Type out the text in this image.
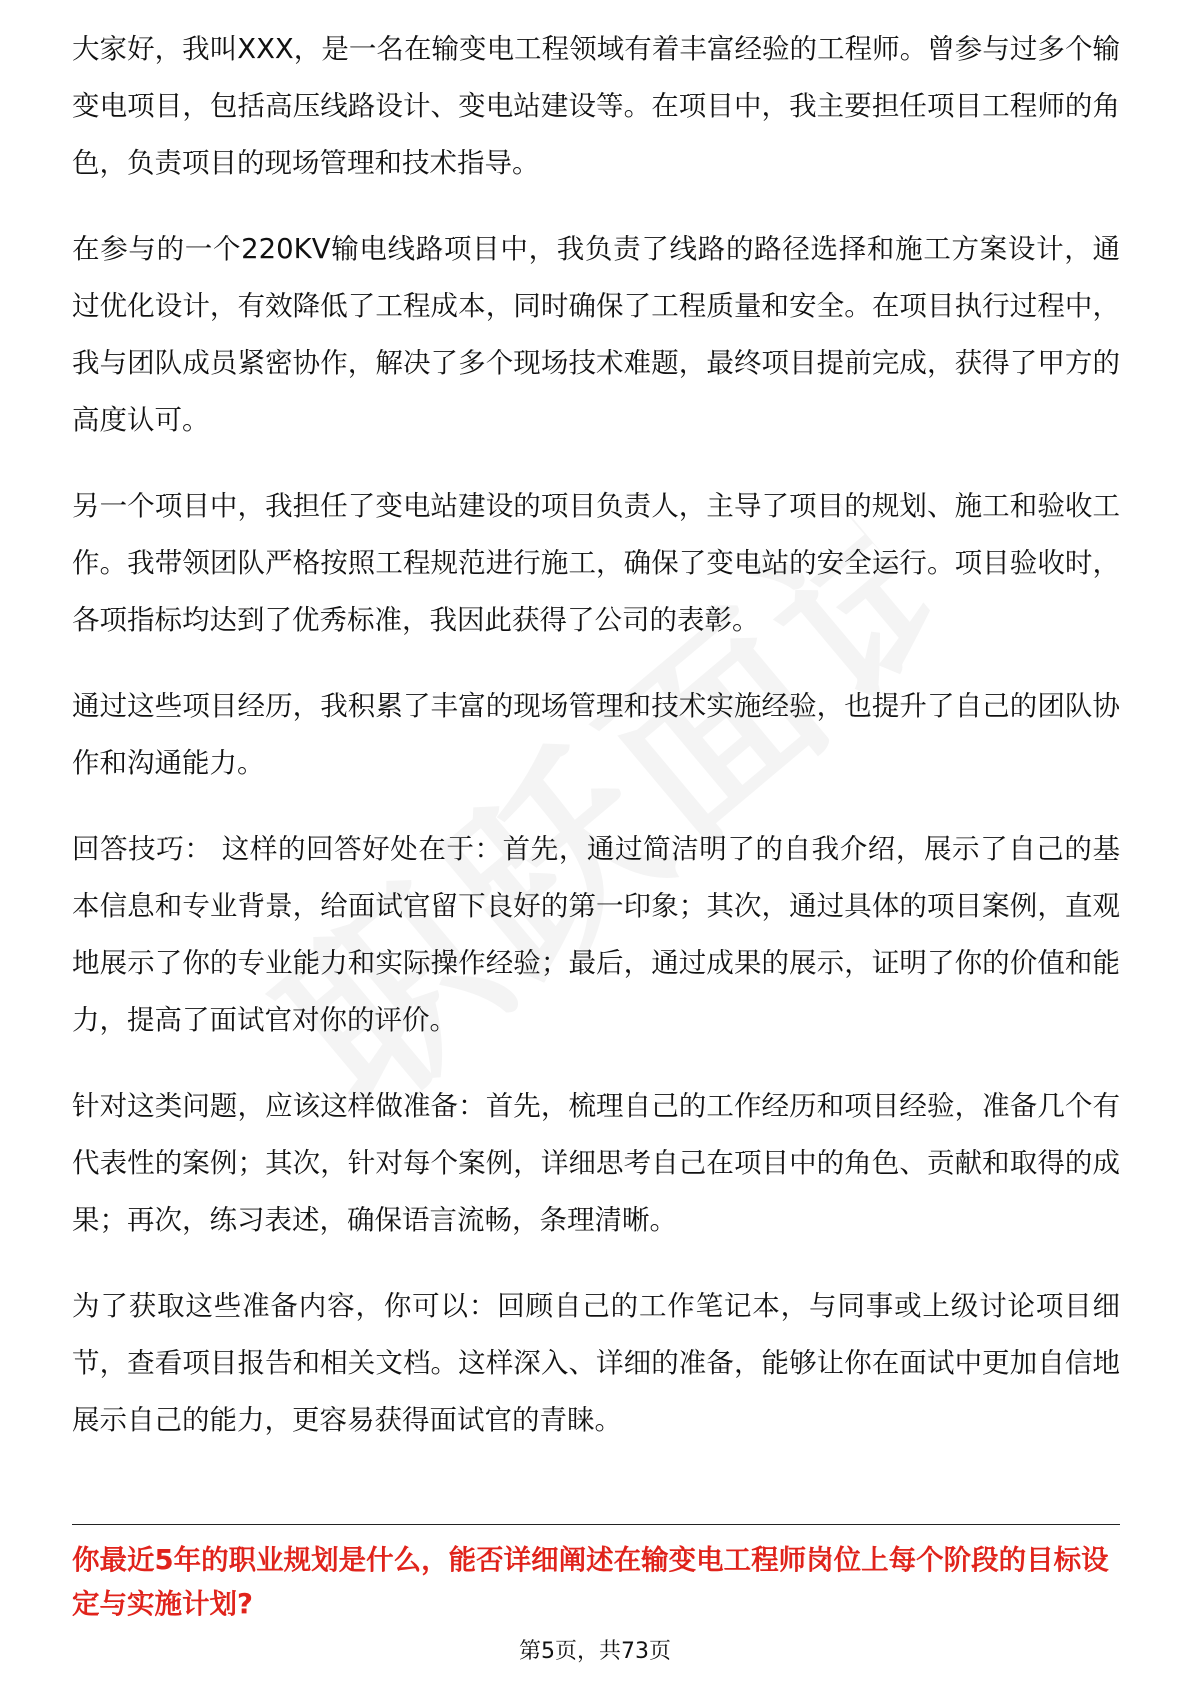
大家好，我叫XXX，是一名在输变电工程领域有着丰富经验的工程师。曾参与过多个输变电项目，包括高压线路设计、变电站建设等。在项目中，我主要担任项目工程师的角色，负责项目的现场管理和技术指导。

在参与的一个220KV输电线路项目中，我负责了线路的路径选择和施工方案设计，通过优化设计，有效降低了工程成本，同时确保了工程质量和安全。在项目执行过程中，我与团队成员紧密协作，解决了多个现场技术难题，最终项目提前完成，获得了甲方的高度认可。

另一个项目中，我担任了变电站建设的项目负责人，主导了项目的规划、施工和验收工作。我带领团队严格按照工程规范进行施工，确保了变电站的安全运行。项目验收时，各项指标均达到了优秀标准，我因此获得了公司的表彰。

通过这些项目经历，我积累了丰富的现场管理和技术实施经验，也提升了自己的团队协作和沟通能力。

回答技巧： 这样的回答好处在于：首先，通过简洁明了的自我介绍，展示了自己的基本信息和专业背景，给面试官留下良好的第一印象；其次，通过具体的项目案例，直观地展示了你的专业能力和实际操作经验；最后，通过成果的展示，证明了你的价值和能力，提高了面试官对你的评价。

针对这类问题，应该这样做准备：首先，梳理自己的工作经历和项目经验，准备几个有代表性的案例；其次，针对每个案例，详细思考自己在项目中的角色、贡献和取得的成果；再次，练习表述，确保语言流畅，条理清晰。

为了获取这些准备内容，你可以：回顾自己的工作笔记本，与同事或上级讨论项目细节，查看项目报告和相关文档。这样深入、详细的准备，能够让你在面试中更加自信地展示自己的能力，更容易获得面试官的青睐。

你最近5年的职业规划是什么，能否详细阐述在输变电工程师岗位上每个阶段的目标设定与实施计划?

第5页，共73页
